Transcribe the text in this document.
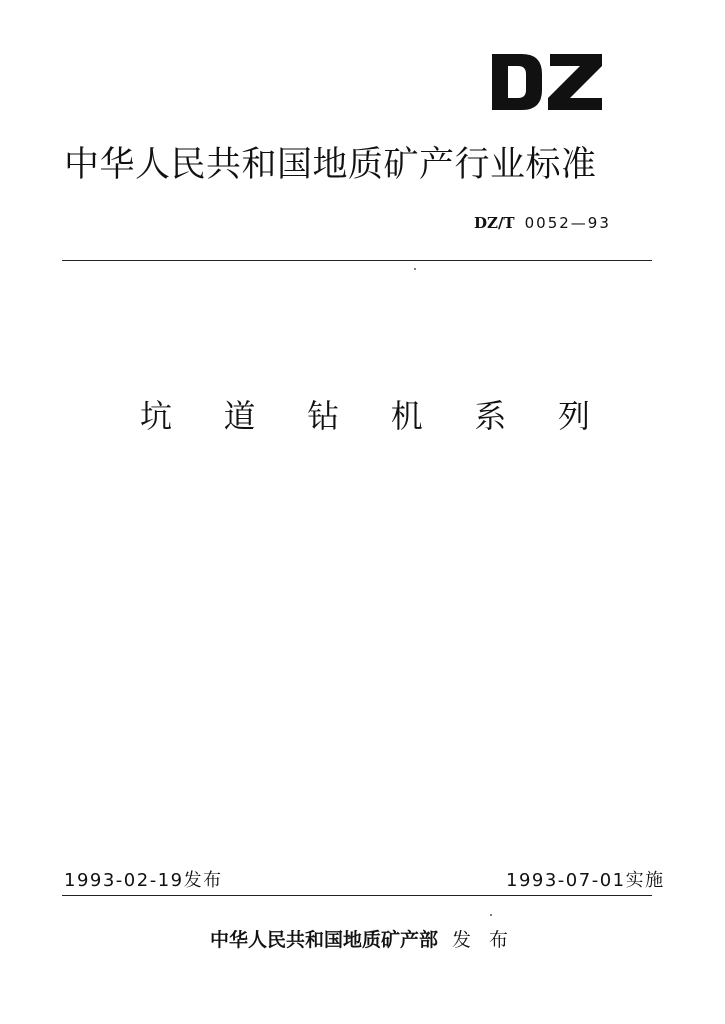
中华人民共和国地质矿产行业标准
DZ/T 0052—93
坑 道 钻 机 系 列
1993-02-19发布	1993-07-01实施
中华人民共和国地质矿产部 发 布
